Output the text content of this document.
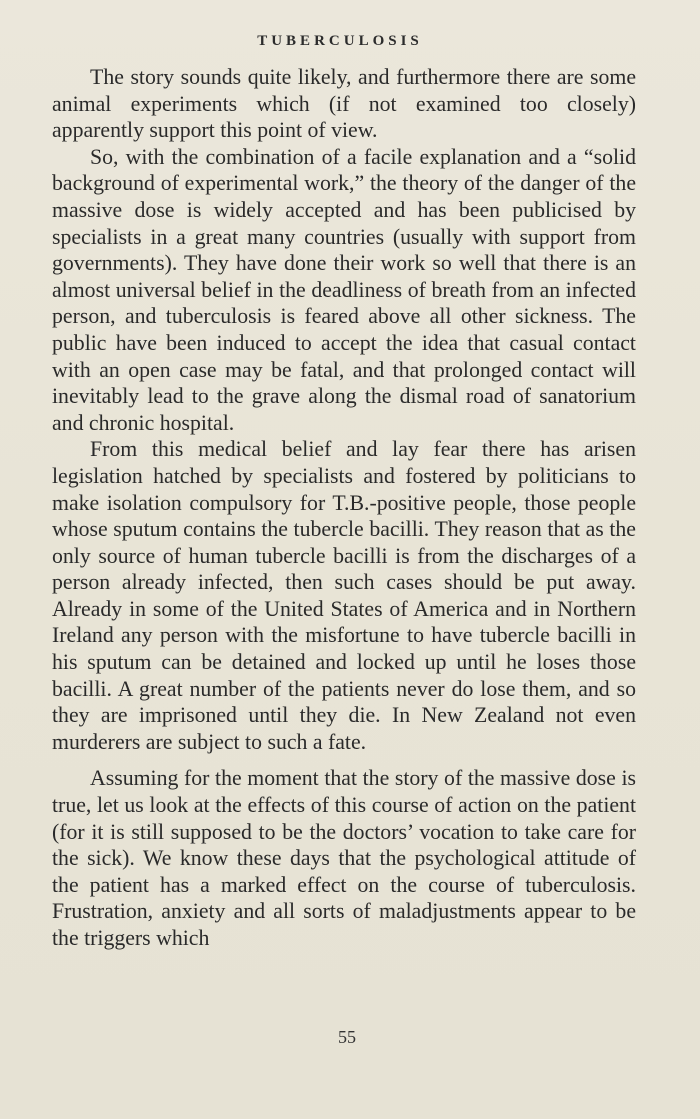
TUBERCULOSIS

The story sounds quite likely, and furthermore there are some animal experiments which (if not examined too closely) apparently support this point of view.

So, with the combination of a facile explanation and a “solid background of experimental work,” the theory of the danger of the massive dose is widely accepted and has been publicised by specialists in a great many countries (usually with support from governments). They have done their work so well that there is an almost universal belief in the deadliness of breath from an infected person, and tuberculosis is feared above all other sickness. The public have been induced to accept the idea that casual contact with an open case may be fatal, and that prolonged contact will inevitably lead to the grave along the dismal road of sanatorium and chronic hospital.

From this medical belief and lay fear there has arisen legislation hatched by specialists and fostered by politicians to make isolation compulsory for T.B.-positive people, those people whose sputum contains the tubercle bacilli. They reason that as the only source of human tubercle bacilli is from the discharges of a person already infected, then such cases should be put away. Already in some of the United States of America and in Northern Ireland any person with the misfortune to have tubercle bacilli in his sputum can be detained and locked up until he loses those bacilli. A great number of the patients never do lose them, and so they are imprisoned until they die. In New Zealand not even murderers are subject to such a fate.

Assuming for the moment that the story of the massive dose is true, let us look at the effects of this course of action on the patient (for it is still supposed to be the doctors’ vocation to take care for the sick). We know these days that the psychological attitude of the patient has a marked effect on the course of tuberculosis. Frustration, anxiety and all sorts of maladjustments appear to be the triggers which

55
